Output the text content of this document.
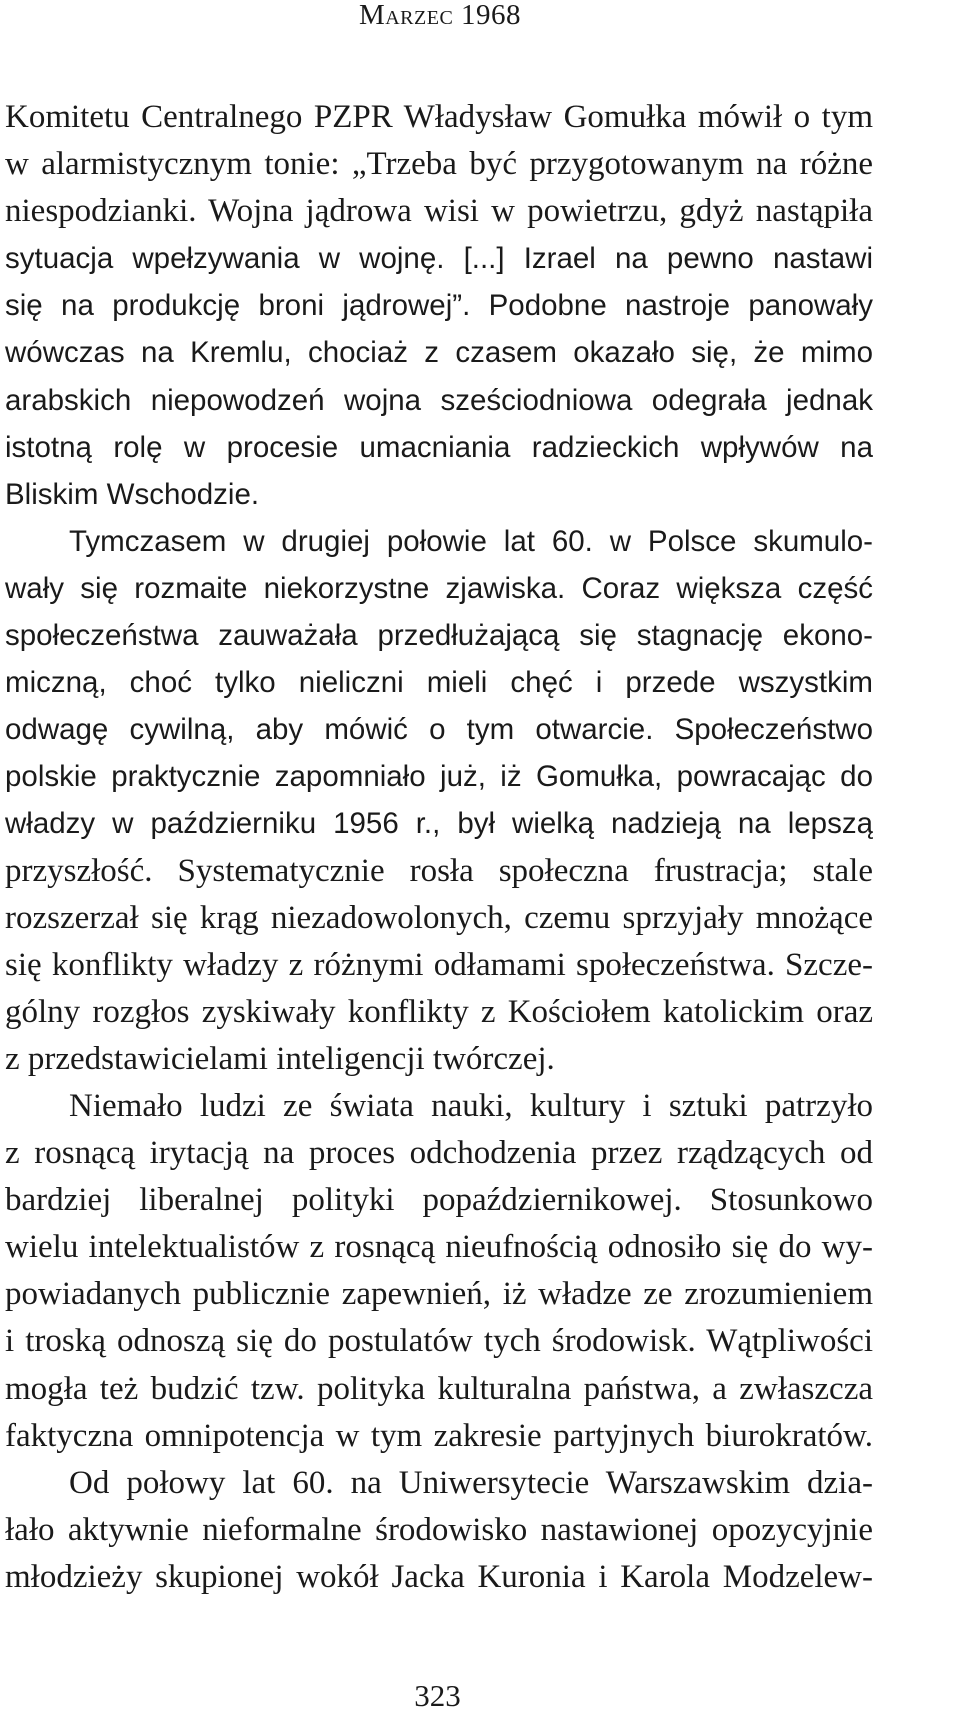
Marzec 1968
Komitetu Centralnego PZPR Władysław Gomułka mówił o tym
w alarmistycznym tonie: „Trzeba być przygotowanym na różne
niespodzianki. Wojna jądrowa wisi w powietrzu, gdyż nastąpiła
sytuacja wpełzywania w wojnę. [...] Izrael na pewno nastawi
się na produkcję broni jądrowej”. Podobne nastroje panowały
wówczas na Kremlu, chociaż z czasem okazało się, że mimo
arabskich niepowodzeń wojna sześciodniowa odegrała jednak
istotną rolę w procesie umacniania radzieckich wpływów na
Bliskim Wschodzie.
Tymczasem w drugiej połowie lat 60. w Polsce skumulo-
wały się rozmaite niekorzystne zjawiska. Coraz większa część
społeczeństwa zauważała przedłużającą się stagnację ekono-
miczną, choć tylko nieliczni mieli chęć i przede wszystkim
odwagę cywilną, aby mówić o tym otwarcie. Społeczeństwo
polskie praktycznie zapomniało już, iż Gomułka, powracając do
władzy w październiku 1956 r., był wielką nadzieją na lepszą
przyszłość. Systematycznie rosła społeczna frustracja; stale
rozszerzał się krąg niezadowolonych, czemu sprzyjały mnożące
się konflikty władzy z różnymi odłamami społeczeństwa. Szcze-
gólny rozgłos zyskiwały konflikty z Kościołem katolickim oraz
z przedstawicielami inteligencji twórczej.
Niemało ludzi ze świata nauki, kultury i sztuki patrzyło
z rosnącą irytacją na proces odchodzenia przez rządzących od
bardziej liberalnej polityki popaździernikowej. Stosunkowo
wielu intelektualistów z rosnącą nieufnością odnosiło się do wy-
powiadanych publicznie zapewnień, iż władze ze zrozumieniem
i troską odnoszą się do postulatów tych środowisk. Wątpliwości
mogła też budzić tzw. polityka kulturalna państwa, a zwłaszcza
faktyczna omnipotencja w tym zakresie partyjnych biurokratów.
Od połowy lat 60. na Uniwersytecie Warszawskim dzia-
łało aktywnie nieformalne środowisko nastawionej opozycyjnie
młodzieży skupionej wokół Jacka Kuronia i Karola Modzelew-
323
